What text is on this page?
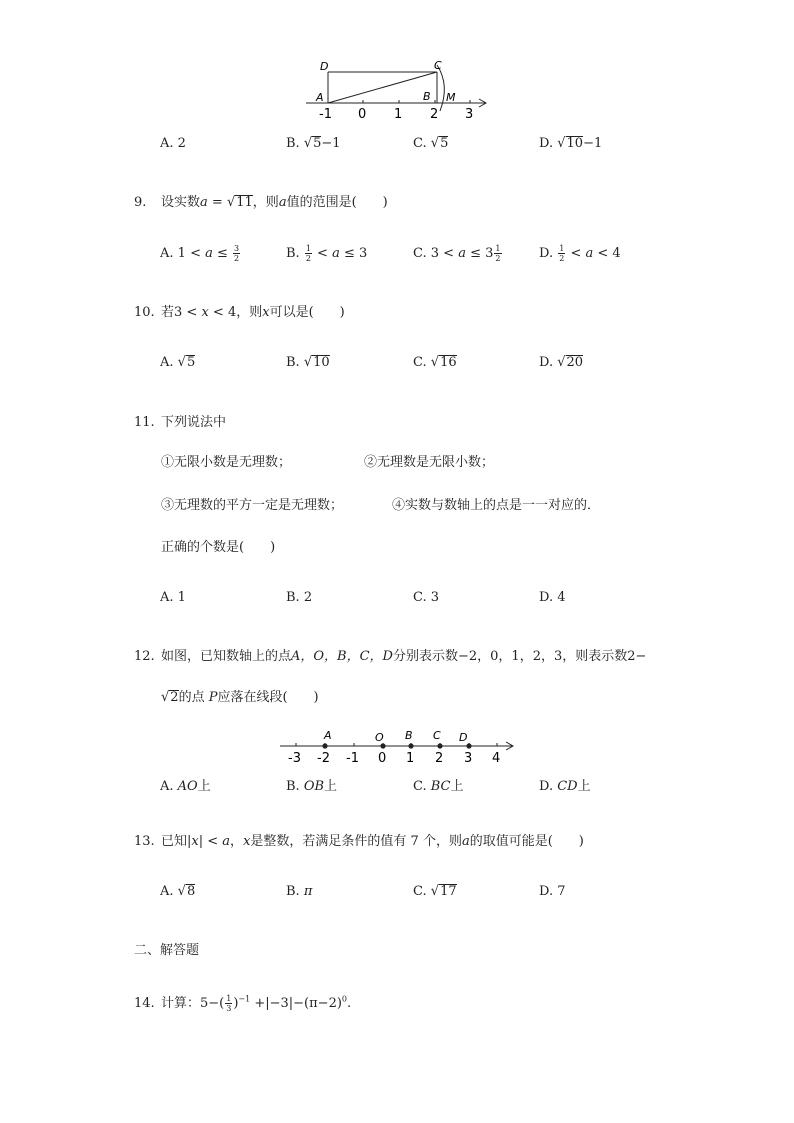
D	C
A	B M
-1 0 1 2 3
A. 2	B. √5−1	C. √5	D. √10−1
9. 设实数a = √11，则a值的范围是(　　)
A. $1 < a \le \frac{3}{2}$	B. $\frac{1}{2} < a \le 3$	C. $3 < a \le 3 \frac{1}{2}$	D. $\frac{1}{2} < a < 4$
10. 若3 < x < 4，则x可以是(　　)
A. √5	B. √10	C. √16	D. √20
11. 下列说法中
①无限小数是无理数；	②无理数是无限小数；
③无理数的平方一定是无理数；	④实数与数轴上的点是一一对应的．
正确的个数是(　　)
A. 1	B. 2	C. 3	D. 4
12. 如图，已知数轴上的点A，O，B，C，D分别表示数−2，0，1，2，3，则表示数2−
√2的点 P应落在线段(　　)
A	O B C D
-3 -2 -1 0 1 2 3 4
A. AO上	B. OB上	C. BC上	D. CD上
13. 已知|x| < a，x是整数，若满足条件的值有 7 个，则a的取值可能是(　　)
A. √8	B. π	C. √17	D. 7
二、解答题
14. 计算：$5-( \frac{1}{3} )^{-1} +|-3|-(\pi-2)^0$.
